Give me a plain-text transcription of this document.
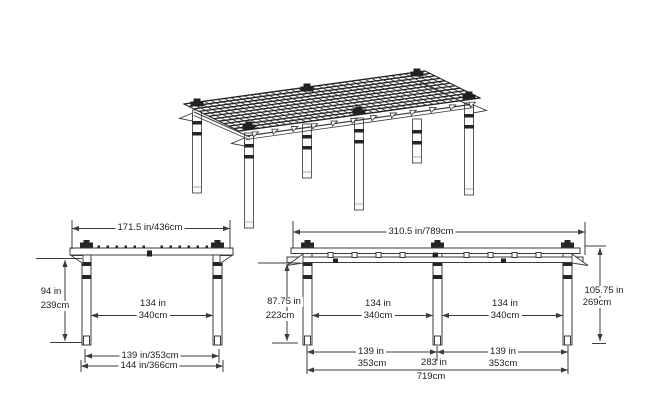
171.5 in/436cm
94 in
239cm	134 in
340cm
139 in/353cm
144 in/366cm
310.5 in/789cm
87.75 in
223cm
134 in
340cm
134 in
340cm
139 in
353cm
139 in
353cm
283 in
719cm
105.75 in
269cm
